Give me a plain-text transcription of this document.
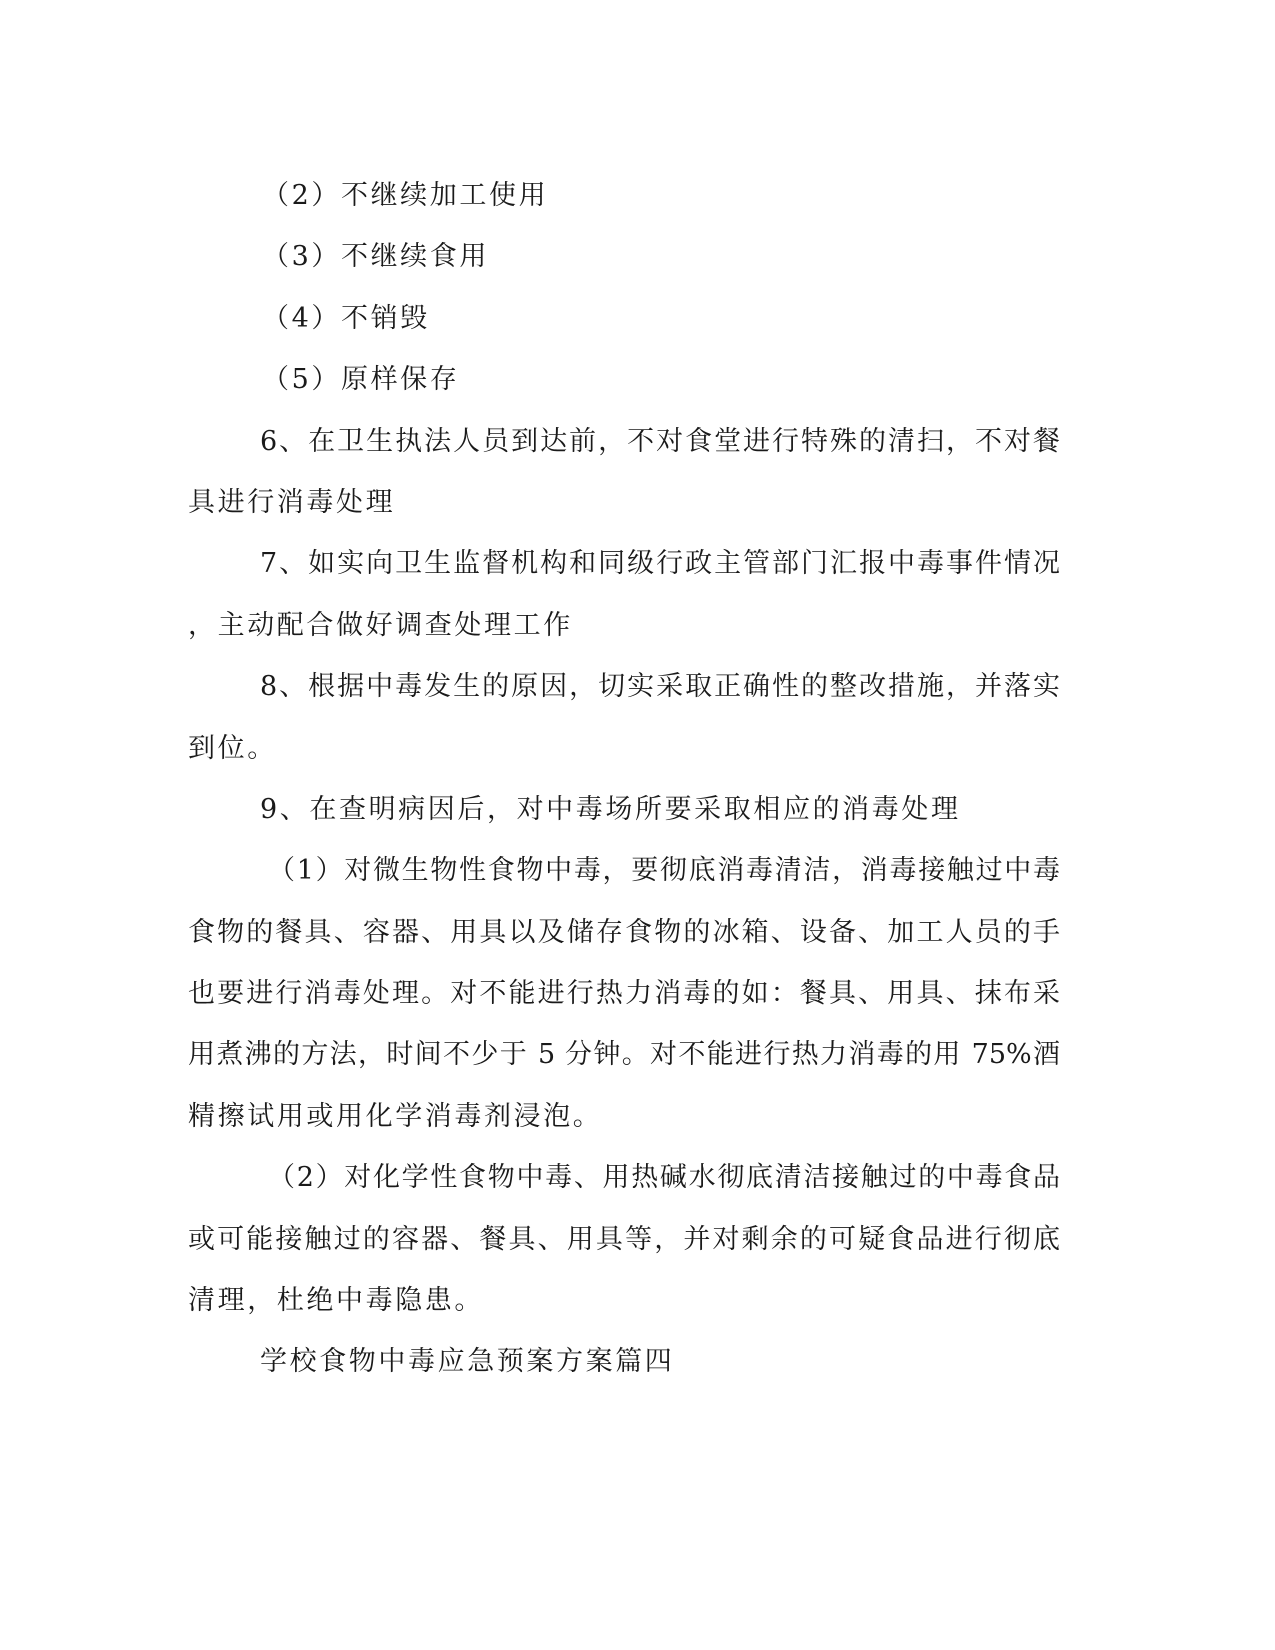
（2）不继续加工使用
（3）不继续食用
（4）不销毁
（5）原样保存
6、在卫生执法人员到达前，不对食堂进行特殊的清扫，不对餐
具进行消毒处理
7、如实向卫生监督机构和同级行政主管部门汇报中毒事件情况
，主动配合做好调查处理工作
8、根据中毒发生的原因，切实采取正确性的整改措施，并落实
到位。
9、在查明病因后，对中毒场所要采取相应的消毒处理
（1）对微生物性食物中毒，要彻底消毒清洁，消毒接触过中毒
食物的餐具、容器、用具以及储存食物的冰箱、设备、加工人员的手
也要进行消毒处理。对不能进行热力消毒的如：餐具、用具、抹布采
用煮沸的方法，时间不少于 5 分钟。对不能进行热力消毒的用 75%酒
精擦试用或用化学消毒剂浸泡。
（2）对化学性食物中毒、用热碱水彻底清洁接触过的中毒食品
或可能接触过的容器、餐具、用具等，并对剩余的可疑食品进行彻底
清理，杜绝中毒隐患。
学校食物中毒应急预案方案篇四
